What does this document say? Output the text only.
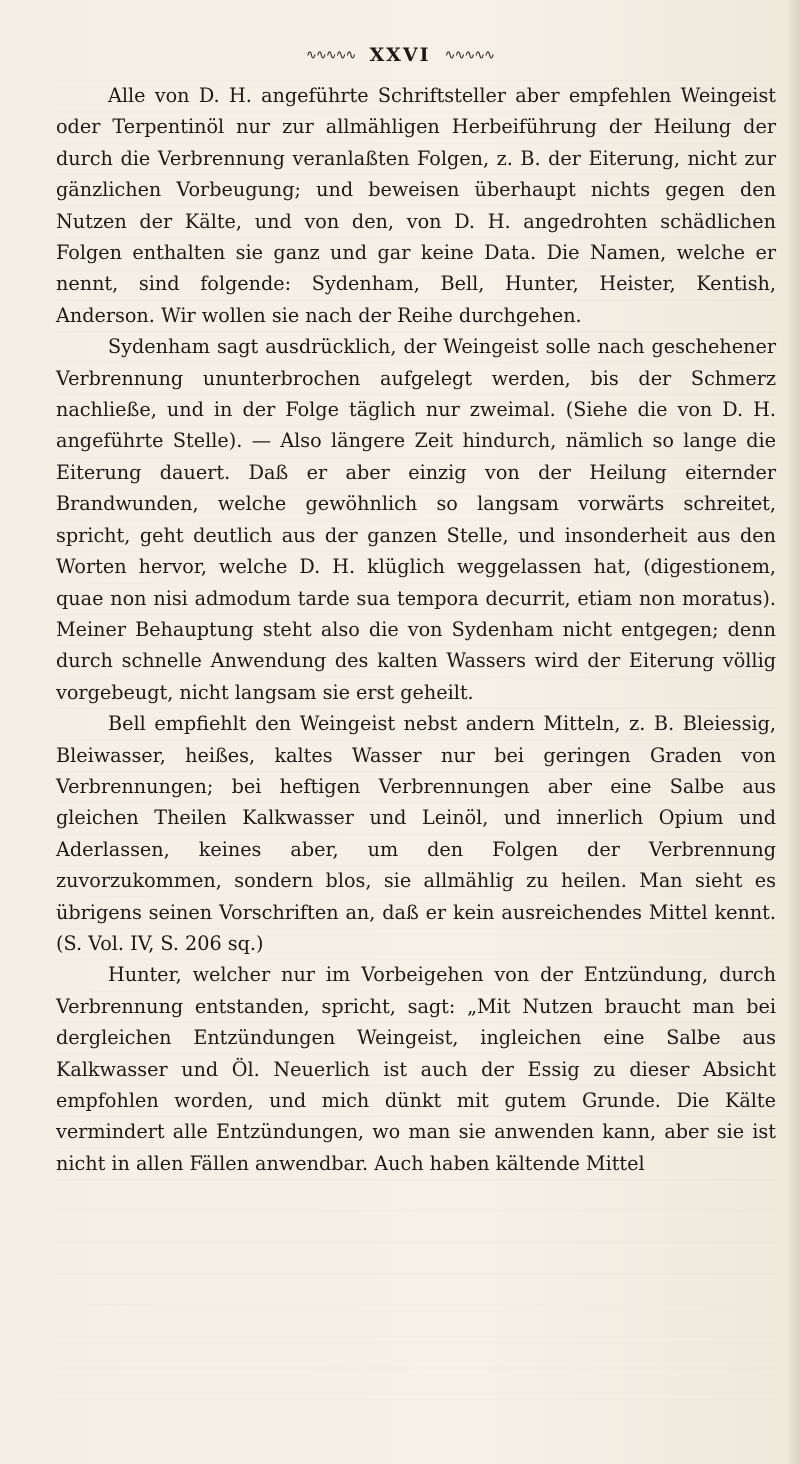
∿∿∿∿∿ XXVI ∿∿∿∿∿

Alle von D. H. angeführte Schriftsteller aber empfehlen Weingeist oder Terpentinöl nur zur allmähligen Herbeiführung der Heilung der durch die Verbrennung veranlaßten Folgen, z. B. der Eiterung, nicht zur gänzlichen Vorbeugung; und beweisen überhaupt nichts gegen den Nutzen der Kälte, und von den, von D. H. angedrohten schädlichen Folgen enthalten sie ganz und gar keine Data. Die Namen, welche er nennt, sind folgende: Sydenham, Bell, Hunter, Heister, Kentish, Anderson. Wir wollen sie nach der Reihe durchgehen.

Sydenham sagt ausdrücklich, der Weingeist solle nach geschehener Verbrennung ununterbrochen aufgelegt werden, bis der Schmerz nachließe, und in der Folge täglich nur zweimal. (Siehe die von D. H. angeführte Stelle). — Also längere Zeit hindurch, nämlich so lange die Eiterung dauert. Daß er aber einzig von der Heilung eiternder Brandwunden, welche gewöhnlich so langsam vorwärts schreitet, spricht, geht deutlich aus der ganzen Stelle, und insonderheit aus den Worten hervor, welche D. H. klüglich weggelassen hat, (digestionem, quae non nisi admodum tarde sua tempora decurrit, etiam non moratus). Meiner Behauptung steht also die von Sydenham nicht entgegen; denn durch schnelle Anwendung des kalten Wassers wird der Eiterung völlig vorgebeugt, nicht langsam sie erst geheilt.

Bell empfiehlt den Weingeist nebst andern Mitteln, z. B. Bleiessig, Bleiwasser, heißes, kaltes Wasser nur bei geringen Graden von Verbrennungen; bei heftigen Verbrennungen aber eine Salbe aus gleichen Theilen Kalkwasser und Leinöl, und innerlich Opium und Aderlassen, keines aber, um den Folgen der Verbrennung zuvorzukommen, sondern blos, sie allmählig zu heilen. Man sieht es übrigens seinen Vorschriften an, daß er kein ausreichendes Mittel kennt. (S. Vol. IV, S. 206 sq.)

Hunter, welcher nur im Vorbeigehen von der Entzündung, durch Verbrennung entstanden, spricht, sagt: „Mit Nutzen braucht man bei dergleichen Entzündungen Weingeist, ingleichen eine Salbe aus Kalkwasser und Öl. Neuerlich ist auch der Essig zu dieser Absicht empfohlen worden, und mich dünkt mit gutem Grunde. Die Kälte vermindert alle Entzündungen, wo man sie anwenden kann, aber sie ist nicht in allen Fällen anwendbar. Auch haben kältende Mittel
